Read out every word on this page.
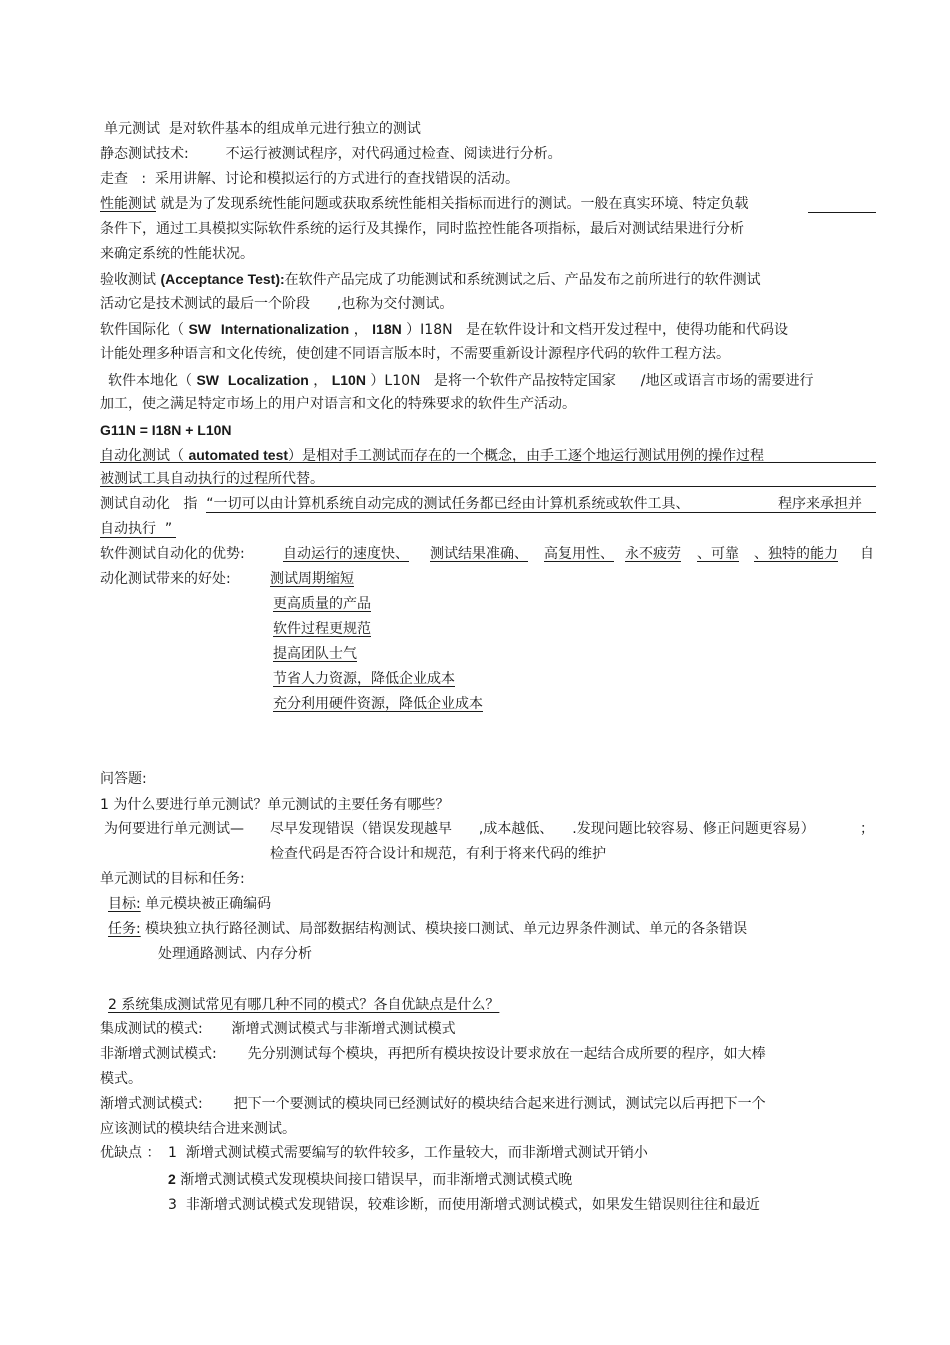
单元测试 是对软件基本的组成单元进行独立的测试
静态测试技术:	不运行被测试程序，对代码通过检查、阅读进行分析。
走查 : 采用讲解、讨论和模拟运行的方式进行的查找错误的活动。
性能测试 就是为了发现系统性能问题或获取系统性能相关指标而进行的测试。一般在真实环境、特定负载
条件下，通过工具模拟实际软件系统的运行及其操作，同时监控性能各项指标，最后对测试结果进行分析
来确定系统的性能状况。
验收测试 (Acceptance Test):在软件产品完成了功能测试和系统测试之后、产品发布之前所进行的软件测试
活动它是技术测试的最后一个阶段 ,也称为交付测试。
软件国际化（ SW Internationalization ， I18N ）I18N 是在软件设计和文档开发过程中，使得功能和代码设
计能处理多种语言和文化传统，使创建不同语言版本时，不需要重新设计源程序代码的软件工程方法。
软件本地化（ SW Localization ， L10N ）L10N 是将一个软件产品按特定国家 /地区或语言市场的需要进行
加工，使之满足特定市场上的用户对语言和文化的特殊要求的软件生产活动。
G11N = I18N + L10N
自动化测试（ automated test）是相对手工测试而存在的一个概念，由手工逐个地运行测试用例的操作过程
被测试工具自动执行的过程所代替。
测试自动化 指 “一切可以由计算机系统自动完成的测试任务都已经由计算机系统或软件工具、	程序来承担并
自动执行 ”
软件测试自动化的优势:	自动运行的速度快、 测试结果准确、 高复用性、 永不疲劳 、可靠 、独特的能力 自
动化测试带来的好处:	测试周期缩短
更高质量的产品
软件过程更规范
提高团队士气
节省人力资源，降低企业成本
充分利用硬件资源，降低企业成本
问答题:
1 为什么要进行单元测试？单元测试的主要任务有哪些？
为何要进行单元测试— 尽早发现错误（错误发现越早 ,成本越低、 .发现问题比较容易、修正问题更容易）	；
检查代码是否符合设计和规范，有利于将来代码的维护
单元测试的目标和任务:
目标: 单元模块被正确编码
任务: 模块独立执行路径测试、局部数据结构测试、模块接口测试、单元边界条件测试、单元的各条错误
处理通路测试、内存分析
2 系统集成测试常见有哪几种不同的模式？各自优缺点是什么？
集成测试的模式: 渐增式测试模式与非渐增式测试模式
非渐增式测试模式: 先分别测试每个模块，再把所有模块按设计要求放在一起结合成所要的程序，如大棒
模式。
渐增式测试模式: 把下一个要测试的模块同已经测试好的模块结合起来进行测试，测试完以后再把下一个
应该测试的模块结合进来测试。
优缺点 ： 1 渐增式测试模式需要编写的软件较多，工作量较大，而非渐增式测试开销小
2 渐增式测试模式发现模块间接口错误早，而非渐增式测试模式晚
3 非渐增式测试模式发现错误，较难诊断，而使用渐增式测试模式，如果发生错误则往往和最近
